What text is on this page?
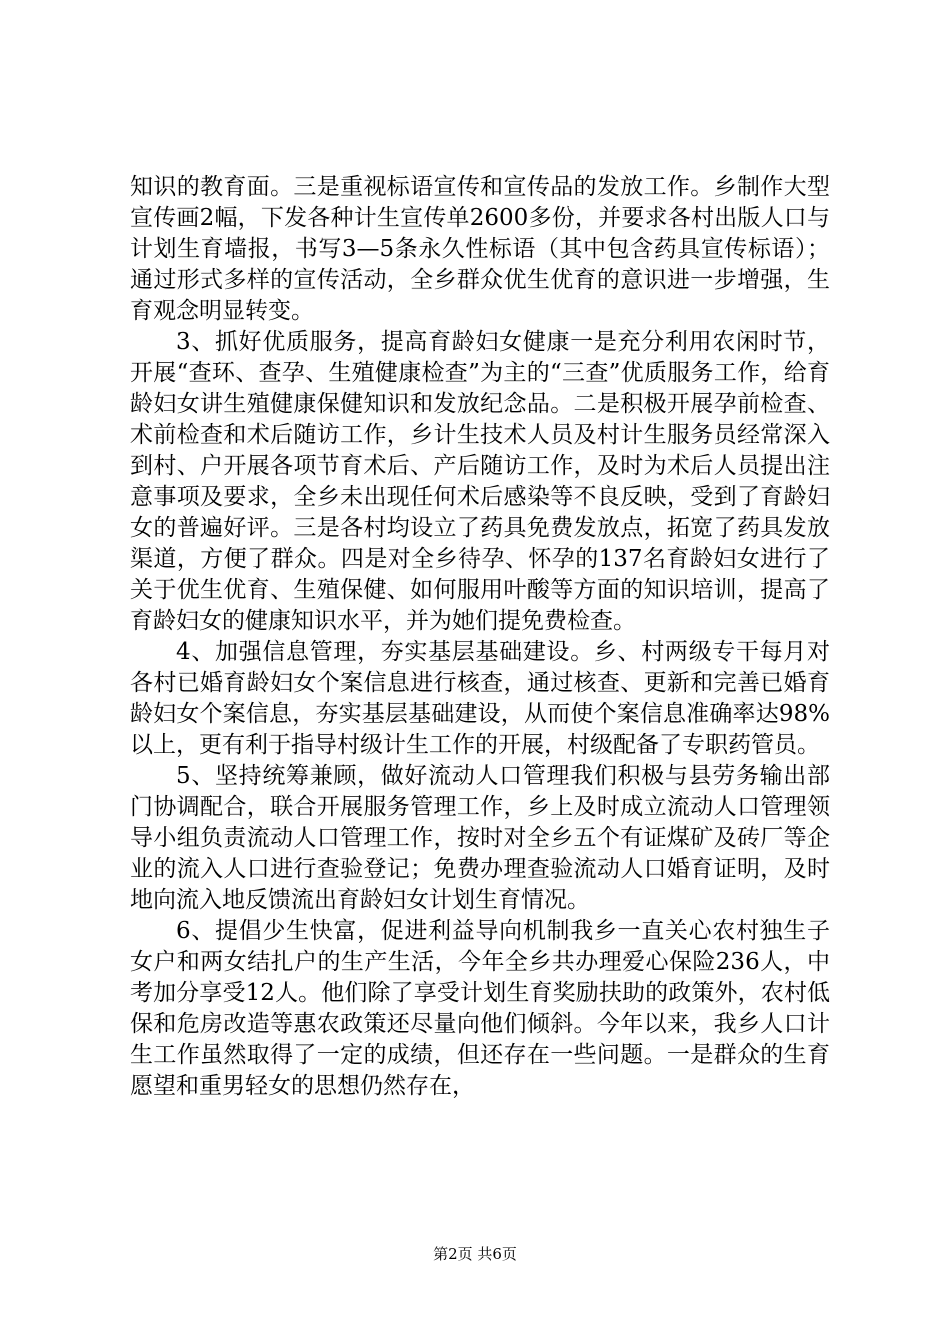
知识的教育面。三是重视标语宣传和宣传品的发放工作。乡制作大型宣传画2幅，下发各种计生宣传单2600多份，并要求各村出版人口与计划生育墙报，书写3—5条永久性标语（其中包含药具宣传标语）；通过形式多样的宣传活动，全乡群众优生优育的意识进一步增强，生育观念明显转变。

3、抓好优质服务，提高育龄妇女健康一是充分利用农闲时节，开展“查环、查孕、生殖健康检查”为主的“三查”优质服务工作，给育龄妇女讲生殖健康保健知识和发放纪念品。二是积极开展孕前检查、术前检查和术后随访工作，乡计生技术人员及村计生服务员经常深入到村、户开展各项节育术后、产后随访工作，及时为术后人员提出注意事项及要求，全乡未出现任何术后感染等不良反映，受到了育龄妇女的普遍好评。三是各村均设立了药具免费发放点，拓宽了药具发放渠道，方便了群众。四是对全乡待孕、怀孕的137名育龄妇女进行了关于优生优育、生殖保健、如何服用叶酸等方面的知识培训，提高了育龄妇女的健康知识水平，并为她们提免费检查。

4、加强信息管理，夯实基层基础建设。乡、村两级专干每月对各村已婚育龄妇女个案信息进行核查，通过核查、更新和完善已婚育龄妇女个案信息，夯实基层基础建设，从而使个案信息准确率达98%以上，更有利于指导村级计生工作的开展，村级配备了专职药管员。

5、坚持统筹兼顾，做好流动人口管理我们积极与县劳务输出部门协调配合，联合开展服务管理工作，乡上及时成立流动人口管理领导小组负责流动人口管理工作，按时对全乡五个有证煤矿及砖厂等企业的流入人口进行查验登记；免费办理查验流动人口婚育证明，及时地向流入地反馈流出育龄妇女计划生育情况。

6、提倡少生快富，促进利益导向机制我乡一直关心农村独生子女户和两女结扎户的生产生活，今年全乡共办理爱心保险236人，中考加分享受12人。他们除了享受计划生育奖励扶助的政策外，农村低保和危房改造等惠农政策还尽量向他们倾斜。今年以来，我乡人口计生工作虽然取得了一定的成绩，但还存在一些问题。一是群众的生育愿望和重男轻女的思想仍然存在，

第2页 共6页
